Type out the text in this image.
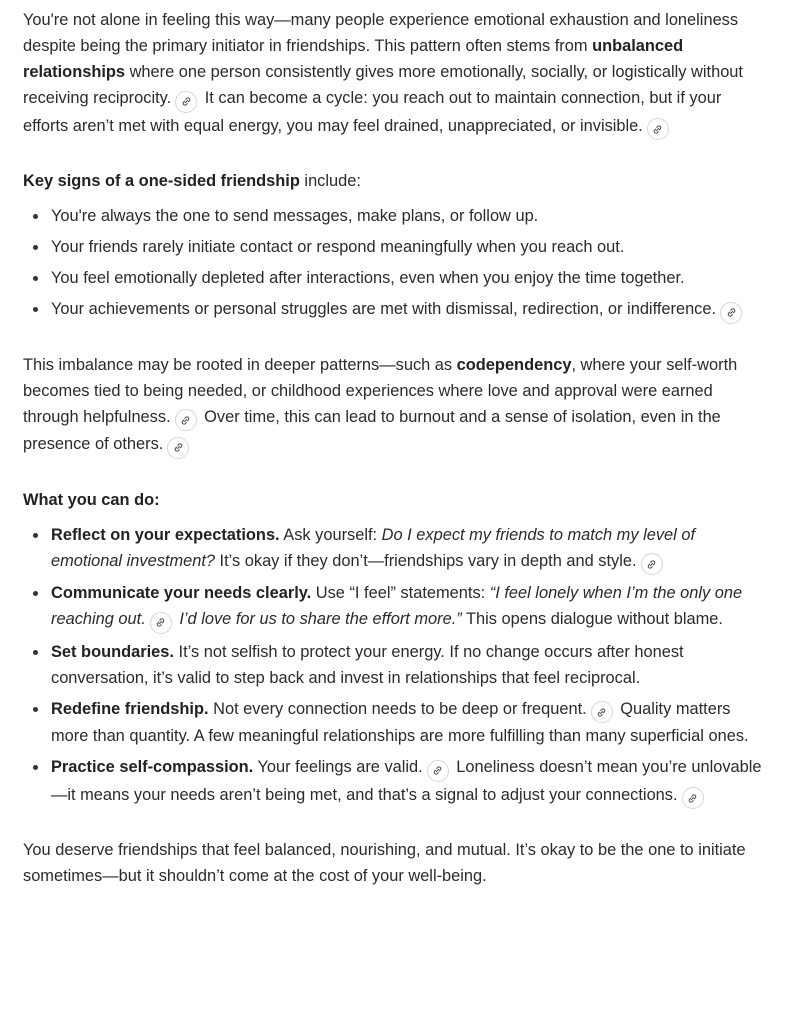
You're not alone in feeling this way—many people experience emotional exhaustion and loneliness despite being the primary initiator in friendships. This pattern often stems from unbalanced relationships where one person consistently gives more emotionally, socially, or logistically without receiving reciprocity.
It can become a cycle: you reach out to maintain connection, but if your efforts aren’t met with equal energy, you may feel drained, unappreciated, or invisible.

Key signs of a one-sided friendship include:

You're always the one to send messages, make plans, or follow up.
Your friends rarely initiate contact or respond meaningfully when you reach out.
You feel emotionally depleted after interactions, even when you enjoy the time together.
Your achievements or personal struggles are met with dismissal, redirection, or indifference.

This imbalance may be rooted in deeper patterns—such as codependency, where your self-worth becomes tied to being needed, or childhood experiences where love and approval were earned through helpfulness.
Over time, this can lead to burnout and a sense of isolation, even in the presence of others.

What you can do:

Reflect on your expectations. Ask yourself: Do I expect my friends to match my level of emotional investment? It’s okay if they don’t—friendships vary in depth and style.
Communicate your needs clearly. Use “I feel” statements: “I feel lonely when I’m the only one reaching out.
I’d love for us to share the effort more.” This opens dialogue without blame.
Set boundaries. It’s not selfish to protect your energy. If no change occurs after honest conversation, it’s valid to step back and invest in relationships that feel reciprocal.
Redefine friendship. Not every connection needs to be deep or frequent.
Quality matters more than quantity. A few meaningful relationships are more fulfilling than many superficial ones.
Practice self-compassion. Your feelings are valid.
Loneliness doesn’t mean you’re unlovable—it means your needs aren’t being met, and that’s a signal to adjust your connections.

You deserve friendships that feel balanced, nourishing, and mutual. It’s okay to be the one to initiate sometimes—but it shouldn’t come at the cost of your well-being.
